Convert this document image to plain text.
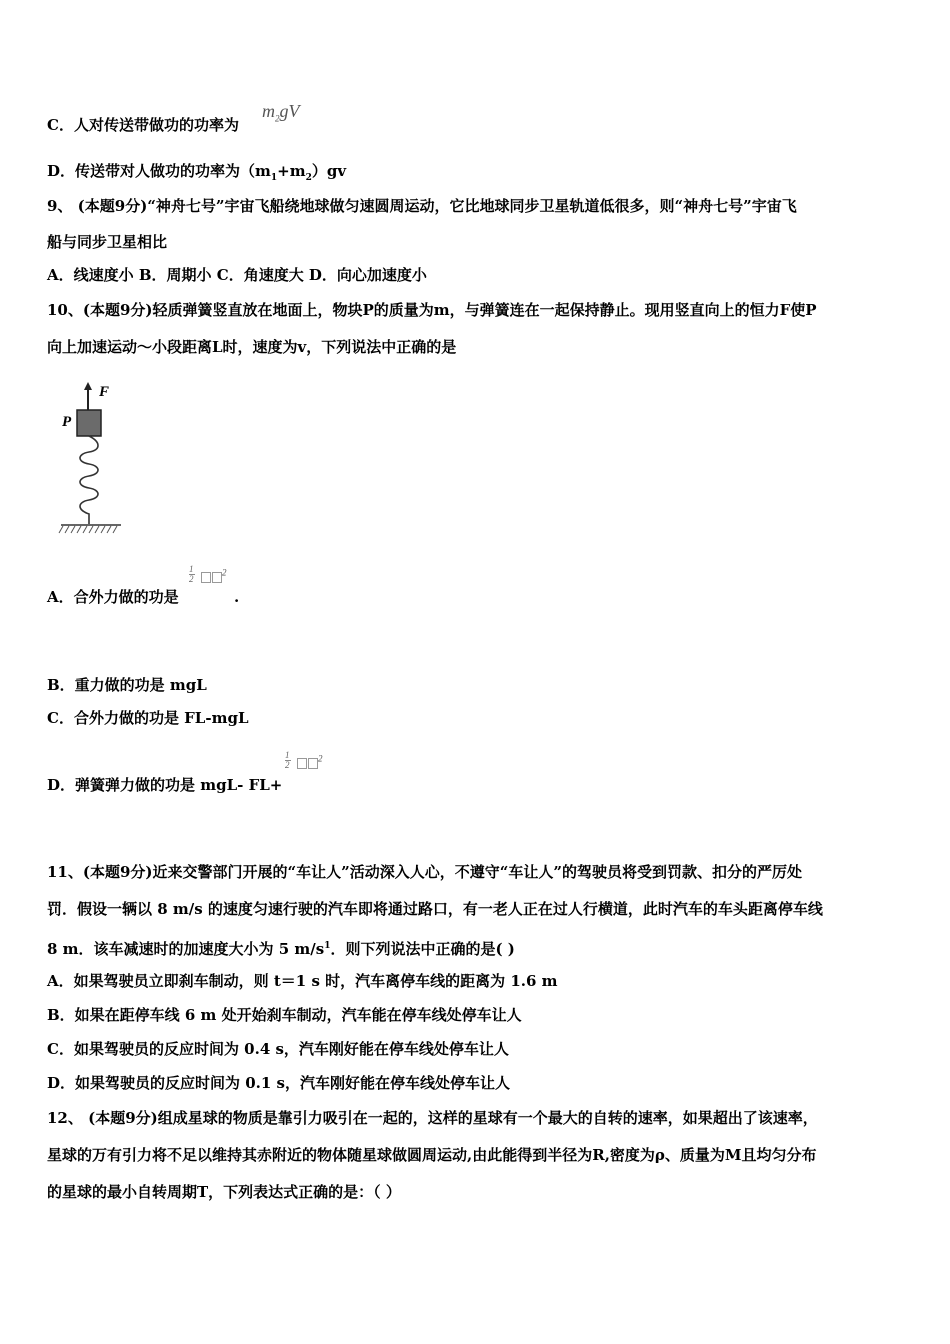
C．人对传送带做功的功率为
$m_2gV$
D．传送带对人做功的功率为$(m_1+m_2)gv$
9、 (本题9分)“神舟七号”宇宙飞船绕地球做匀速圆周运动，它比地球同步卫星轨道低很多，则“神舟七号”宇宙飞
船与同步卫星相比
A．线速度小 B．周期小 C．角速度大 D．向心加速度小
10、(本题9分)轻质弹簧竖直放在地面上，物块P的质量为m，与弹簧连在一起保持静止。现用竖直向上的恒力F使P
向上加速运动～小段距离L时，速度为v，下列说法中正确的是
F
P
A．合外力做的功是
$\frac{1}{2}$	$^2$
.
B．重力做的功是 mgL
C．合外力做的功是 FL-mgL
D．弹簧弹力做的功是 mgL- FL+
$\frac{1}{2}$	$^2$
11、(本题9分)近来交警部门开展的“车让人”活动深入人心，不遵守“车让人”的驾驶员将受到罚款、扣分的严厉处
罚．假设一辆以 8 m/s 的速度匀速行驶的汽车即将通过路口，有一老人正在过人行横道，此时汽车的车头距离停车线
8 m．该车减速时的加速度大小为 5 $m/s^1$．则下列说法中正确的是( )
A．如果驾驶员立即刹车制动，则 t＝1 s 时，汽车离停车线的距离为 1.6 m
B．如果在距停车线 6 m 处开始刹车制动，汽车能在停车线处停车让人
C．如果驾驶员的反应时间为 0.4 s，汽车刚好能在停车线处停车让人
D．如果驾驶员的反应时间为 0.1 s，汽车刚好能在停车线处停车让人
12、 (本题9分)组成星球的物质是靠引力吸引在一起的，这样的星球有一个最大的自转的速率，如果超出了该速率，
星球的万有引力将不足以维持其赤附近的物体随星球做圆周运动,由此能得到半径为R,密度为ρ、质量为M且均匀分布
的星球的最小自转周期T，下列表达式正确的是：（ ）
